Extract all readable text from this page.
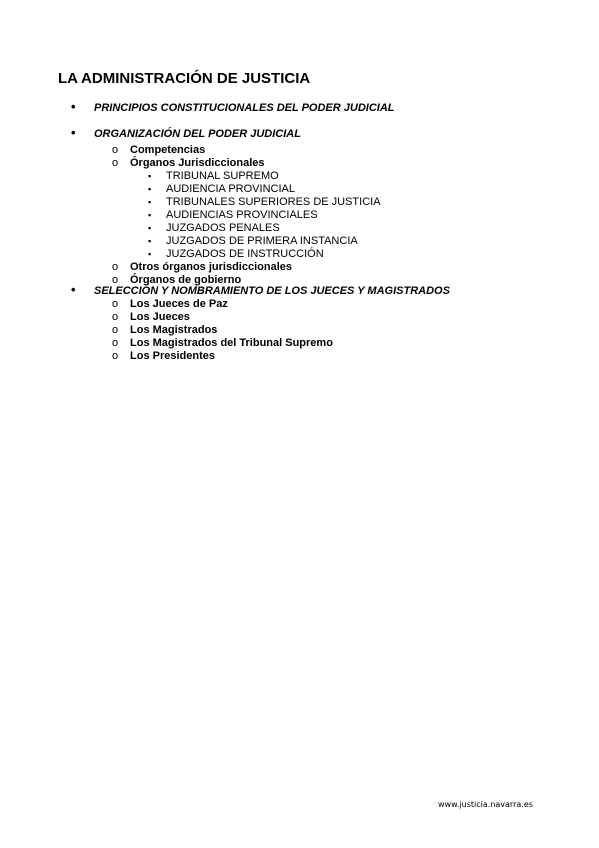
LA ADMINISTRACIÓN DE JUSTICIA
• PRINCIPIOS CONSTITUCIONALES DEL PODER JUDICIAL
• ORGANIZACIÓN DEL PODER JUDICIAL
o Competencias
o Órganos Jurisdiccionales
▪ TRIBUNAL SUPREMO
▪ AUDIENCIA PROVINCIAL
▪ TRIBUNALES SUPERIORES DE JUSTICIA
▪ AUDIENCIAS PROVINCIALES
▪ JUZGADOS PENALES
▪ JUZGADOS DE PRIMERA INSTANCIA
▪ JUZGADOS DE INSTRUCCIÓN
o Otros órganos jurisdiccionales
o Órganos de gobierno
• SELECCIÓN Y NOMBRAMIENTO DE LOS JUECES Y MAGISTRADOS
o Los Jueces de Paz
o Los Jueces
o Los Magistrados
o Los Magistrados del Tribunal Supremo
o Los Presidentes
www.justicia.navarra.es
